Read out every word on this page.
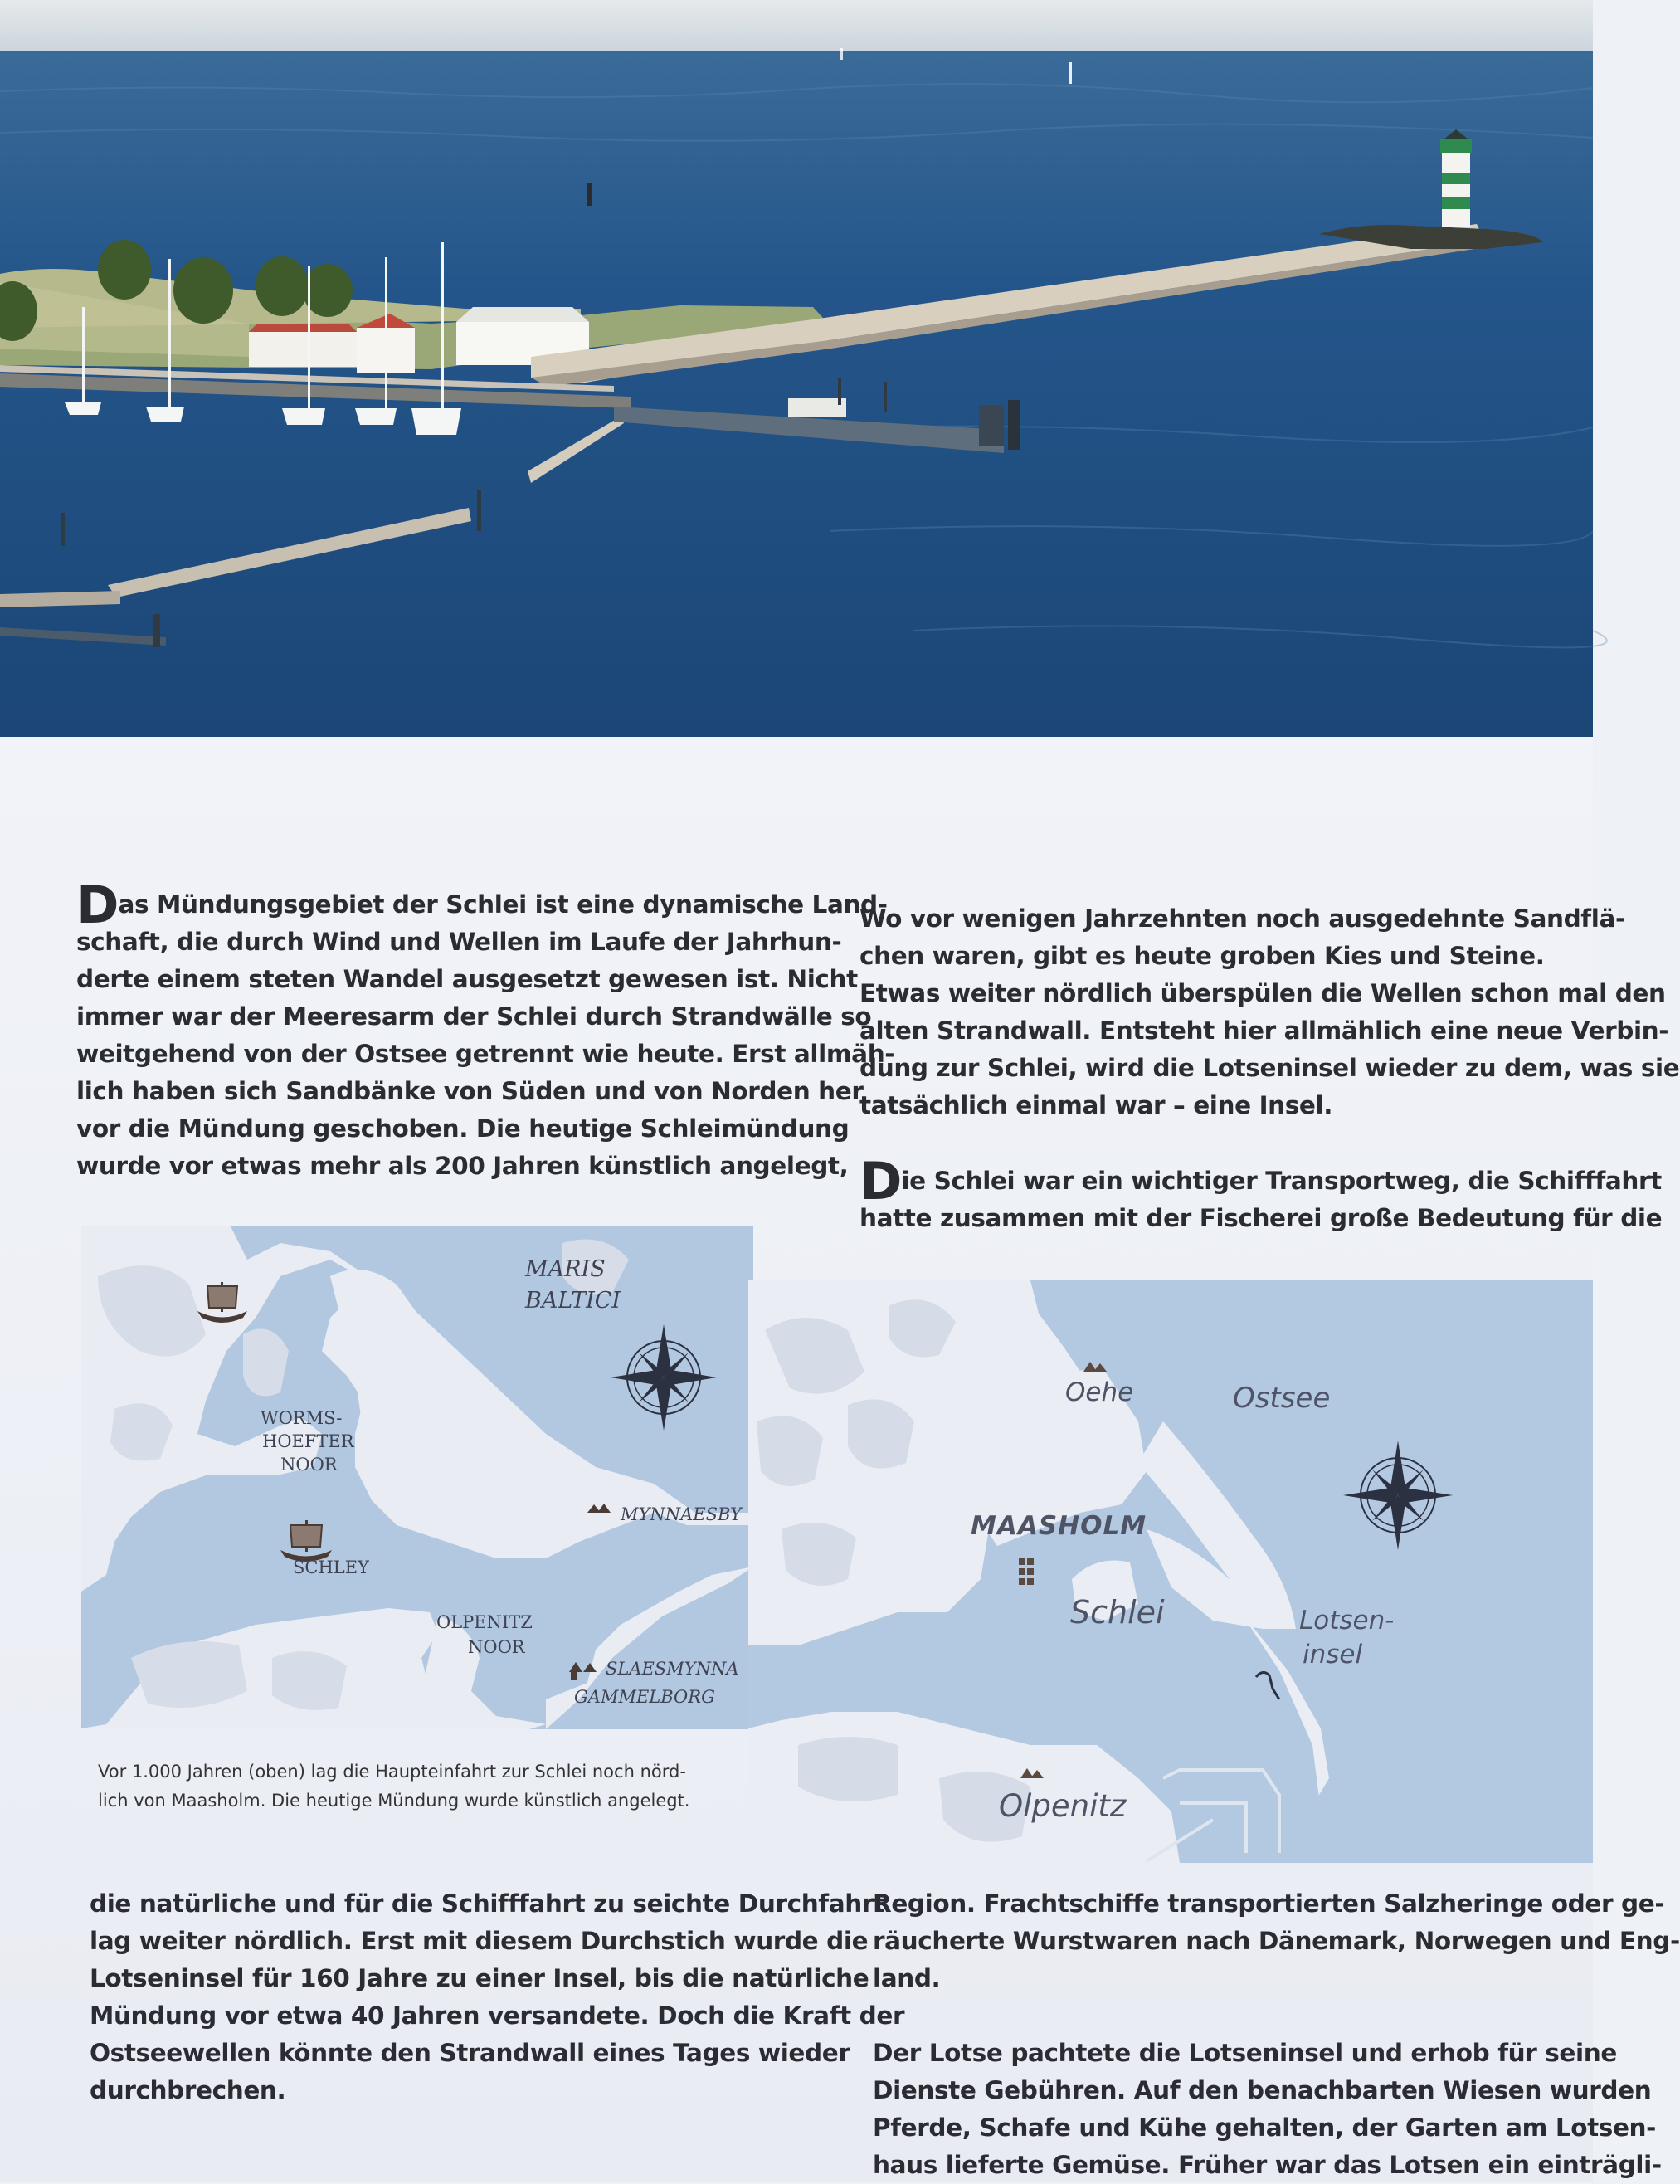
Das Mündungsgebiet der Schlei ist eine dynamische Land-
schaft, die durch Wind und Wellen im Laufe der Jahrhun-
derte einem steten Wandel ausgesetzt gewesen ist. Nicht
immer war der Meeresarm der Schlei durch Strandwälle so
weitgehend von der Ostsee getrennt wie heute. Erst allmäh-
lich haben sich Sandbänke von Süden und von Norden her
vor die Mündung geschoben. Die heutige Schleimündung
wurde vor etwas mehr als 200 Jahren künstlich angelegt,

Wo vor wenigen Jahrzehnten noch ausgedehnte Sandflä-
chen waren, gibt es heute groben Kies und Steine.
Etwas weiter nördlich überspülen die Wellen schon mal den
alten Strandwall. Entsteht hier allmählich eine neue Verbin-
dung zur Schlei, wird die Lotseninsel wieder zu dem, was sie
tatsächlich einmal war – eine Insel.

Die Schlei war ein wichtiger Transportweg, die Schifffahrt
hatte zusammen mit der Fischerei große Bedeutung für die

MARIS
BALTICI
WORMS-
HOEFTER
NOOR
SCHLEY
OLPENITZ
NOOR
MYNNAESBY
SLAESMYNNA
GAMMELBORG
Oehe	Ostsee
MAASHOLM
Schlei	Lotsen-
insel
Olpenitz

Vor 1.000 Jahren (oben) lag die Haupteinfahrt zur Schlei noch nörd-
lich von Maasholm. Die heutige Mündung wurde künstlich angelegt.

die natürliche und für die Schifffahrt zu seichte Durchfahrt
lag weiter nördlich. Erst mit diesem Durchstich wurde die
Lotseninsel für 160 Jahre zu einer Insel, bis die natürliche
Mündung vor etwa 40 Jahren versandete. Doch die Kraft der
Ostseewellen könnte den Strandwall eines Tages wieder
durchbrechen.

Region. Frachtschiffe transportierten Salzheringe oder ge-
räucherte Wurstwaren nach Dänemark, Norwegen und Eng-
land.

Der Lotse pachtete die Lotseninsel und erhob für seine
Dienste Gebühren. Auf den benachbarten Wiesen wurden
Pferde, Schafe und Kühe gehalten, der Garten am Lotsen-
haus lieferte Gemüse. Früher war das Lotsen ein einträgli-
